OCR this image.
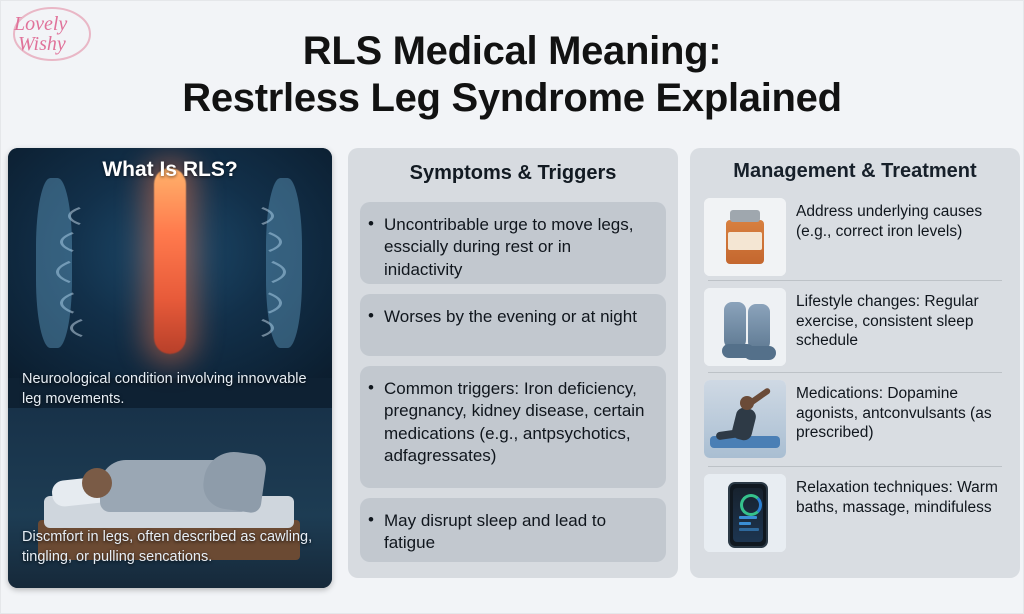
Lovely
Wishy	RLS Medical Meaning:
Restrless Leg Syndrome Explained
What Is RLS?
Neuroological condition involving innovvable leg movements.
Discmfort in legs, often described as cawling, tingling, or pulling sencations.
Symptoms & Triggers
• Uncontribable urge to move legs, esscially during rest or in inidactivity
• Worses by the evening or at night
• Common triggers: Iron deficiency, pregnancy, kidney disease, certain medications (e.g., antpsychotics, adfagressates)
• May disrupt sleep and lead to fatigue
Management & Treatment
Address underlying causes (e.g., correct iron levels)
Lifestyle changes: Regular exercise, consistent sleep schedule
Medications: Dopamine agonists, antconvulsants (as prescribed)
Relaxation techniques: Warm baths, massage, mindifuless
